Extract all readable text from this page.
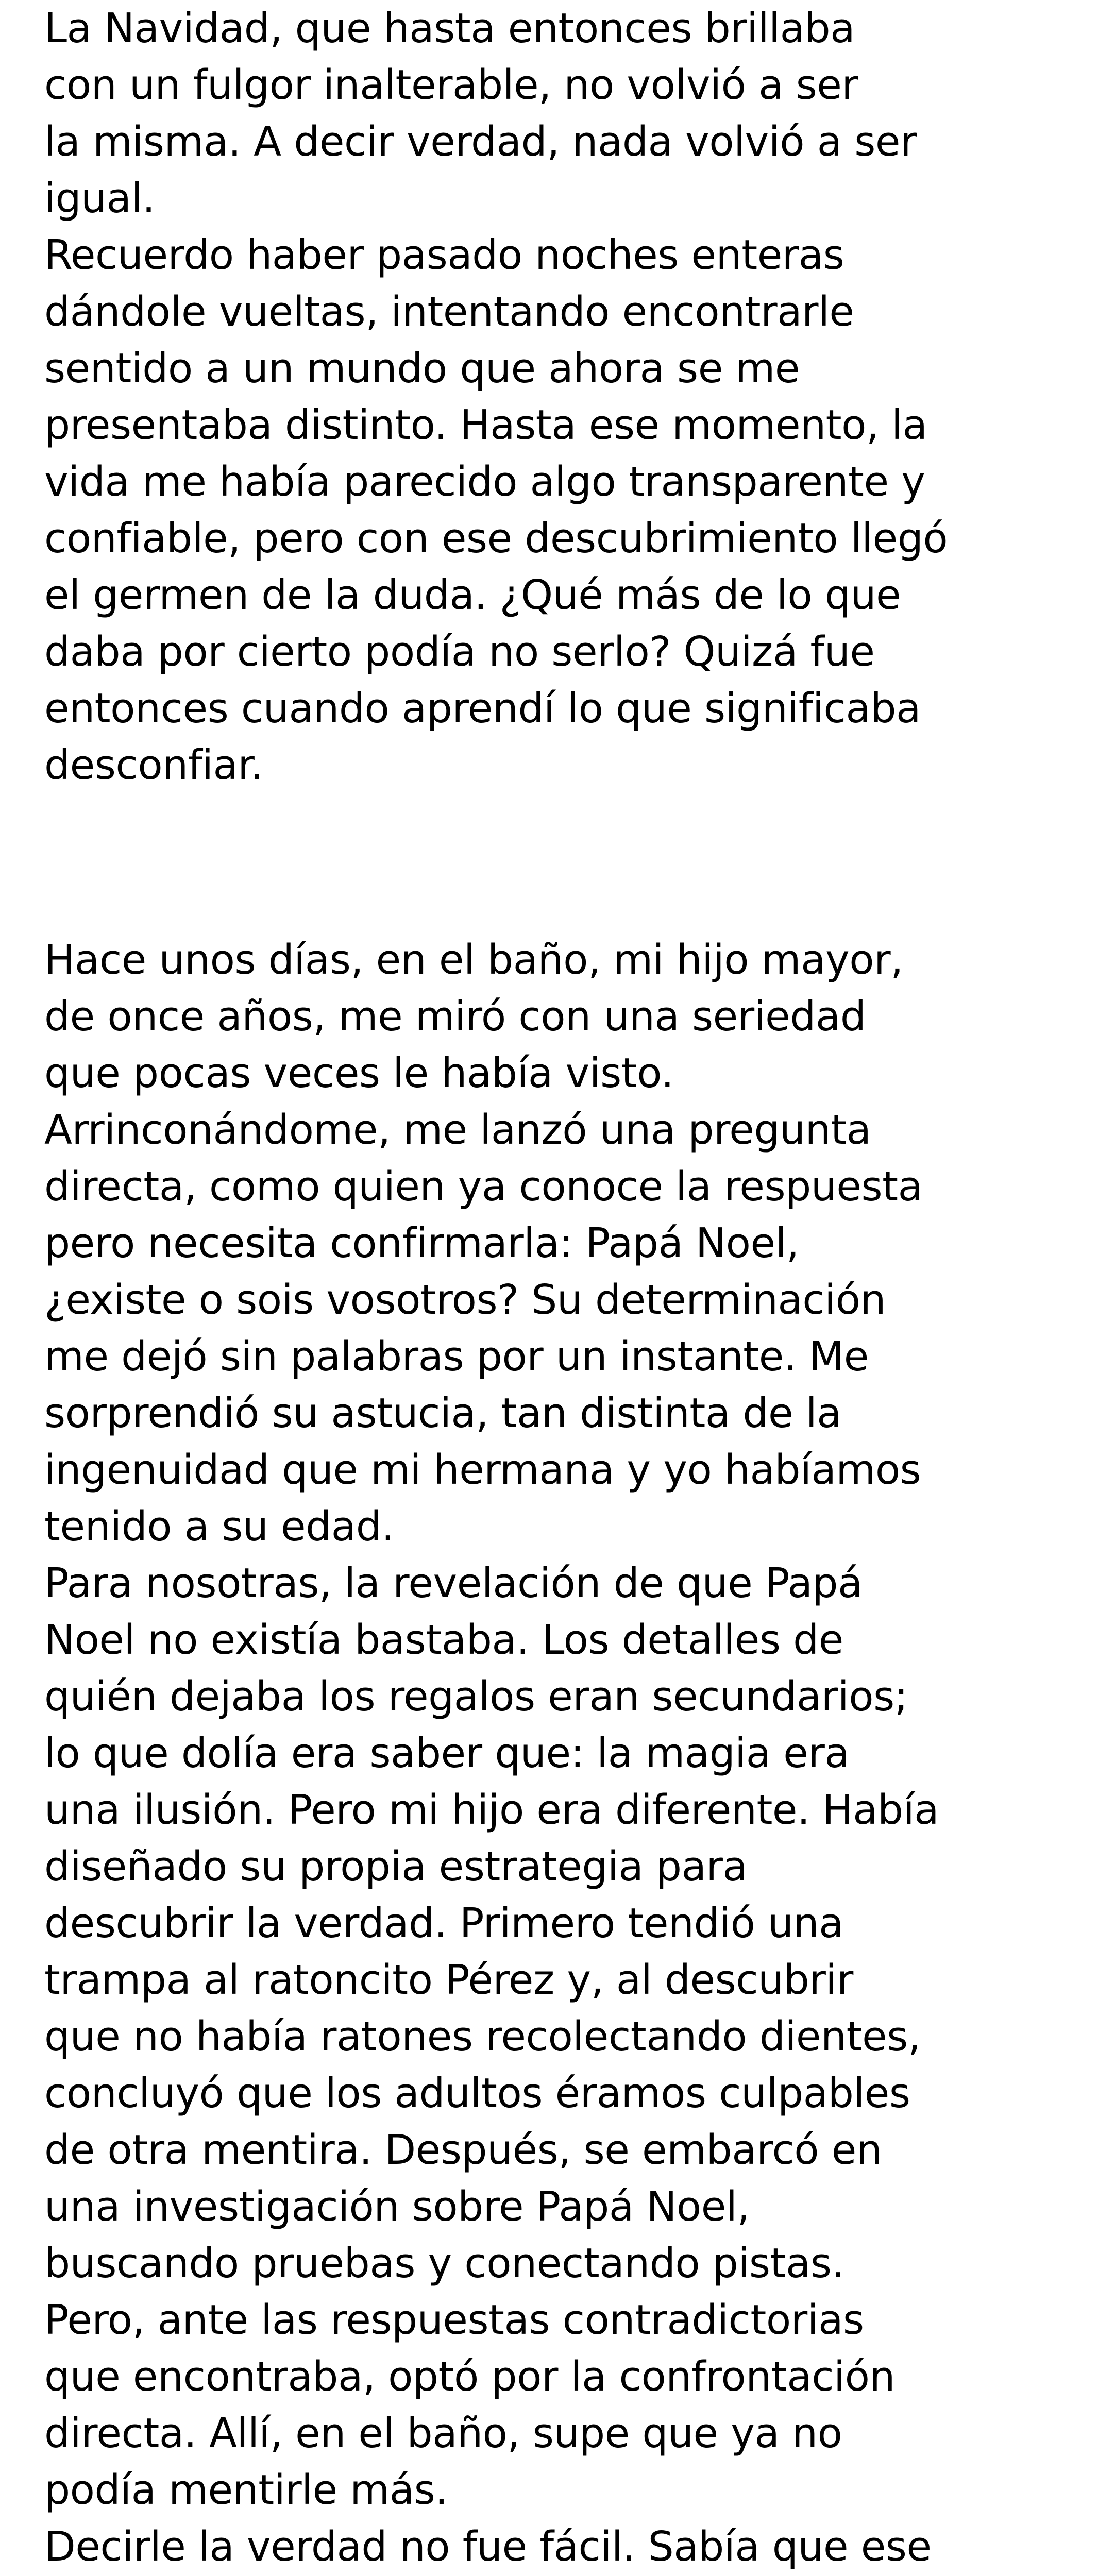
La Navidad, que hasta entonces brillaba
con un fulgor inalterable, no volvió a ser
la misma. A decir verdad, nada volvió a ser
igual.
Recuerdo haber pasado noches enteras
dándole vueltas, intentando encontrarle
sentido a un mundo que ahora se me
presentaba distinto. Hasta ese momento, la
vida me había parecido algo transparente y
confiable, pero con ese descubrimiento llegó
el germen de la duda. ¿Qué más de lo que
daba por cierto podía no serlo? Quizá fue
entonces cuando aprendí lo que significaba
desconfiar.
Hace unos días, en el baño, mi hijo mayor,
de once años, me miró con una seriedad
que pocas veces le había visto.
Arrinconándome, me lanzó una pregunta
directa, como quien ya conoce la respuesta
pero necesita confirmarla: Papá Noel,
¿existe o sois vosotros? Su determinación
me dejó sin palabras por un instante. Me
sorprendió su astucia, tan distinta de la
ingenuidad que mi hermana y yo habíamos
tenido a su edad.
Para nosotras, la revelación de que Papá
Noel no existía bastaba. Los detalles de
quién dejaba los regalos eran secundarios;
lo que dolía era saber que: la magia era
una ilusión. Pero mi hijo era diferente. Había
diseñado su propia estrategia para
descubrir la verdad. Primero tendió una
trampa al ratoncito Pérez y, al descubrir
que no había ratones recolectando dientes,
concluyó que los adultos éramos culpables
de otra mentira. Después, se embarcó en
una investigación sobre Papá Noel,
buscando pruebas y conectando pistas.
Pero, ante las respuestas contradictorias
que encontraba, optó por la confrontación
directa. Allí, en el baño, supe que ya no
podía mentirle más.
Decirle la verdad no fue fácil. Sabía que ese
